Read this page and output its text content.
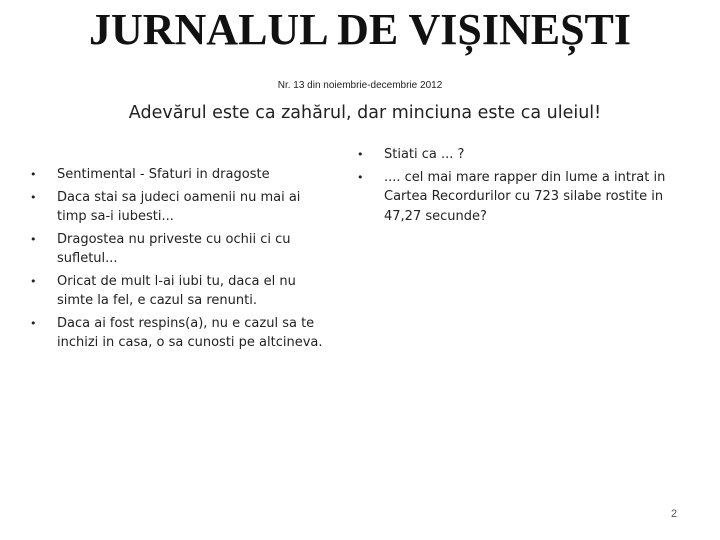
JURNALUL DE VIȘINEȘTI
Nr. 13 din noiembrie-decembrie 2012
Adevărul este ca zahărul, dar minciuna este ca uleiul!
• Sentimental - Sfaturi in dragoste
• Daca stai sa judeci oamenii nu mai ai timp sa-i iubesti...
• Dragostea nu priveste cu ochii ci cu sufletul...
• Oricat de mult l-ai iubi tu, daca el nu simte la fel, e cazul sa renunti.
• Daca ai fost respins(a), nu e cazul sa te inchizi in casa, o sa cunosti pe altcineva.
• Stiati ca ... ?
• .... cel mai mare rapper din lume a intrat in Cartea Recordurilor cu 723 silabe rostite in 47,27 secunde?
2
